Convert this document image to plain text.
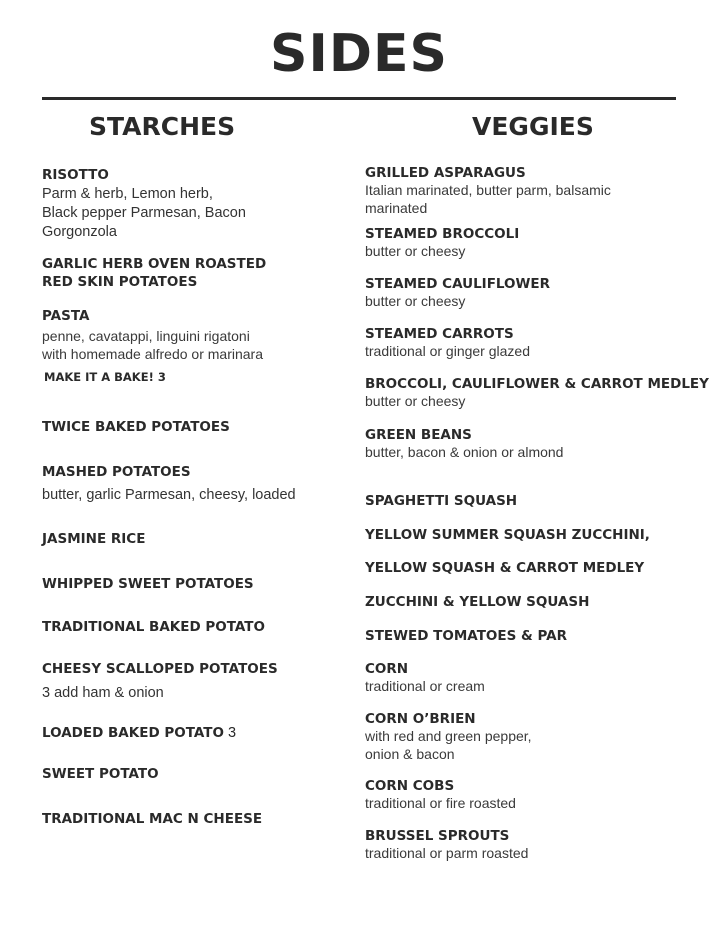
SIDES
STARCHES	VEGGIES
RISOTTO
Parm & herb, Lemon herb,
Black pepper Parmesan, Bacon
Gorgonzola
GARLIC HERB OVEN ROASTED
RED SKIN POTATOES
PASTA
penne, cavatappi, linguini rigatoni
with homemade alfredo or marinara
MAKE IT A BAKE! 3
TWICE BAKED POTATOES
MASHED POTATOES
butter, garlic Parmesan, cheesy, loaded
JASMINE RICE
WHIPPED SWEET POTATOES
TRADITIONAL BAKED POTATO
CHEESY SCALLOPED POTATOES
3 add ham & onion
LOADED BAKED POTATO 3
SWEET POTATO
TRADITIONAL MAC N CHEESE
GRILLED ASPARAGUS
Italian marinated, butter parm, balsamic
marinated
STEAMED BROCCOLI
butter or cheesy
STEAMED CAULIFLOWER
butter or cheesy
STEAMED CARROTS
traditional or ginger glazed
BROCCOLI, CAULIFLOWER & CARROT MEDLEY
butter or cheesy
GREEN BEANS
butter, bacon & onion or almond
SPAGHETTI SQUASH
YELLOW SUMMER SQUASH ZUCCHINI,
YELLOW SQUASH & CARROT MEDLEY
ZUCCHINI & YELLOW SQUASH
STEWED TOMATOES & PAR
CORN
traditional or cream
CORN O’BRIEN
with red and green pepper,
onion & bacon
CORN COBS
traditional or fire roasted
BRUSSEL SPROUTS
traditional or parm roasted
